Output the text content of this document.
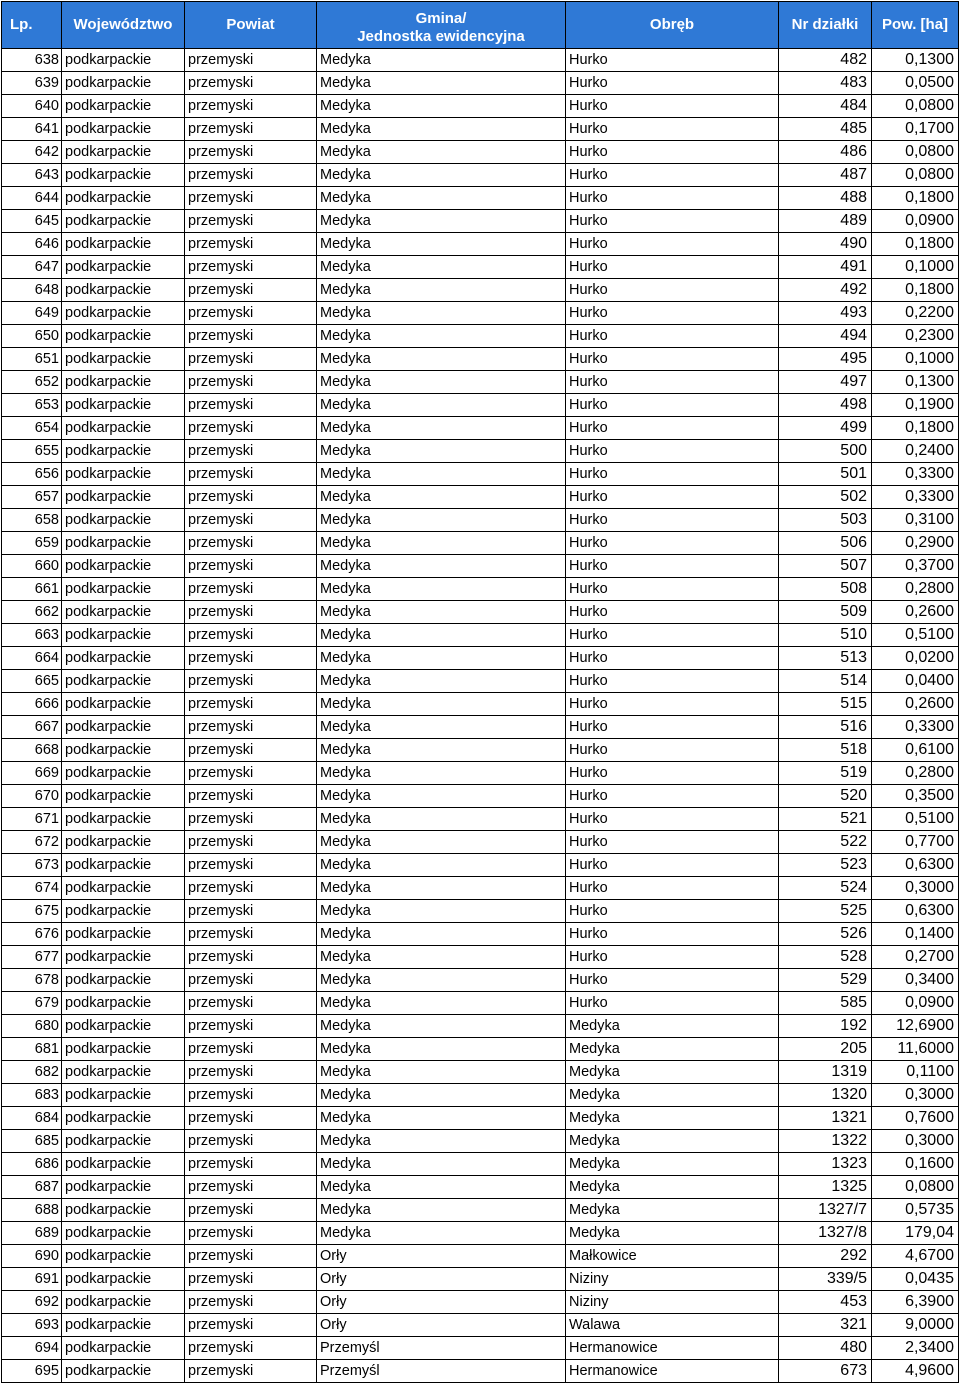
Lp.	Województwo	Powiat	Gmina/
Jednostka ewidencyjna	Obręb	Nr działki	Pow. [ha]
638	podkarpackie	przemyski	Medyka	Hurko	482	0,1300
639	podkarpackie	przemyski	Medyka	Hurko	483	0,0500
640	podkarpackie	przemyski	Medyka	Hurko	484	0,0800
641	podkarpackie	przemyski	Medyka	Hurko	485	0,1700
642	podkarpackie	przemyski	Medyka	Hurko	486	0,0800
643	podkarpackie	przemyski	Medyka	Hurko	487	0,0800
644	podkarpackie	przemyski	Medyka	Hurko	488	0,1800
645	podkarpackie	przemyski	Medyka	Hurko	489	0,0900
646	podkarpackie	przemyski	Medyka	Hurko	490	0,1800
647	podkarpackie	przemyski	Medyka	Hurko	491	0,1000
648	podkarpackie	przemyski	Medyka	Hurko	492	0,1800
649	podkarpackie	przemyski	Medyka	Hurko	493	0,2200
650	podkarpackie	przemyski	Medyka	Hurko	494	0,2300
651	podkarpackie	przemyski	Medyka	Hurko	495	0,1000
652	podkarpackie	przemyski	Medyka	Hurko	497	0,1300
653	podkarpackie	przemyski	Medyka	Hurko	498	0,1900
654	podkarpackie	przemyski	Medyka	Hurko	499	0,1800
655	podkarpackie	przemyski	Medyka	Hurko	500	0,2400
656	podkarpackie	przemyski	Medyka	Hurko	501	0,3300
657	podkarpackie	przemyski	Medyka	Hurko	502	0,3300
658	podkarpackie	przemyski	Medyka	Hurko	503	0,3100
659	podkarpackie	przemyski	Medyka	Hurko	506	0,2900
660	podkarpackie	przemyski	Medyka	Hurko	507	0,3700
661	podkarpackie	przemyski	Medyka	Hurko	508	0,2800
662	podkarpackie	przemyski	Medyka	Hurko	509	0,2600
663	podkarpackie	przemyski	Medyka	Hurko	510	0,5100
664	podkarpackie	przemyski	Medyka	Hurko	513	0,0200
665	podkarpackie	przemyski	Medyka	Hurko	514	0,0400
666	podkarpackie	przemyski	Medyka	Hurko	515	0,2600
667	podkarpackie	przemyski	Medyka	Hurko	516	0,3300
668	podkarpackie	przemyski	Medyka	Hurko	518	0,6100
669	podkarpackie	przemyski	Medyka	Hurko	519	0,2800
670	podkarpackie	przemyski	Medyka	Hurko	520	0,3500
671	podkarpackie	przemyski	Medyka	Hurko	521	0,5100
672	podkarpackie	przemyski	Medyka	Hurko	522	0,7700
673	podkarpackie	przemyski	Medyka	Hurko	523	0,6300
674	podkarpackie	przemyski	Medyka	Hurko	524	0,3000
675	podkarpackie	przemyski	Medyka	Hurko	525	0,6300
676	podkarpackie	przemyski	Medyka	Hurko	526	0,1400
677	podkarpackie	przemyski	Medyka	Hurko	528	0,2700
678	podkarpackie	przemyski	Medyka	Hurko	529	0,3400
679	podkarpackie	przemyski	Medyka	Hurko	585	0,0900
680	podkarpackie	przemyski	Medyka	Medyka	192	12,6900
681	podkarpackie	przemyski	Medyka	Medyka	205	11,6000
682	podkarpackie	przemyski	Medyka	Medyka	1319	0,1100
683	podkarpackie	przemyski	Medyka	Medyka	1320	0,3000
684	podkarpackie	przemyski	Medyka	Medyka	1321	0,7600
685	podkarpackie	przemyski	Medyka	Medyka	1322	0,3000
686	podkarpackie	przemyski	Medyka	Medyka	1323	0,1600
687	podkarpackie	przemyski	Medyka	Medyka	1325	0,0800
688	podkarpackie	przemyski	Medyka	Medyka	1327/7	0,5735
689	podkarpackie	przemyski	Medyka	Medyka	1327/8	179,04
690	podkarpackie	przemyski	Orły	Małkowice	292	4,6700
691	podkarpackie	przemyski	Orły	Niziny	339/5	0,0435
692	podkarpackie	przemyski	Orły	Niziny	453	6,3900
693	podkarpackie	przemyski	Orły	Walawa	321	9,0000
694	podkarpackie	przemyski	Przemyśl	Hermanowice	480	2,3400
695	podkarpackie	przemyski	Przemyśl	Hermanowice	673	4,9600
